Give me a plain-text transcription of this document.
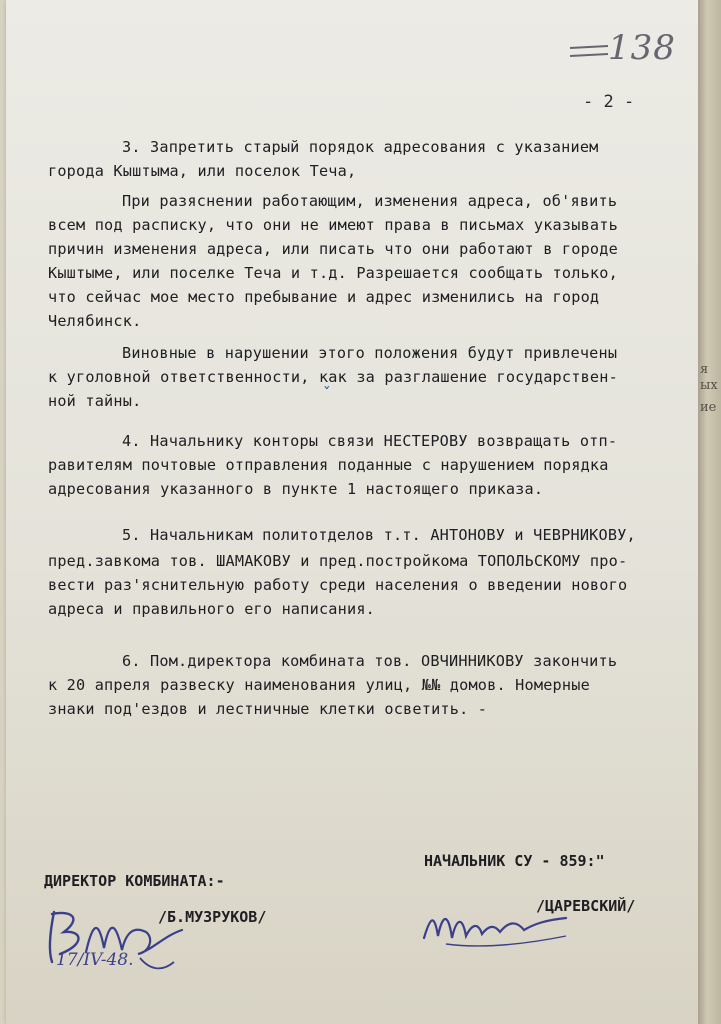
138
- 2 -
3. Запретить старый порядок адресования с указанием
города Кыштыма, или поселок Теча,
При разяснении работающим, изменения адреса, об'явить
всем под расписку, что они не имеют права в письмах указывать
причин изменения адреса, или писать что они работают в городе
Кыштыме, или поселке Теча и т.д. Разрешается сообщать только,
что сейчас мое место пребывание и адрес изменились на город
Челябинск.
Виновные в нарушении этого положения будут привлечены
к уголовной ответственности, как за разглашение государствен-
ной тайны.	ˇ
4. Начальнику конторы связи НЕСТЕРОВУ возвращать отп-
равителям почтовые отправления поданные с нарушением порядка
адресования указанного в пункте 1 настоящего приказа.
5. Начальникам политотделов т.т. АНТОНОВУ и ЧЕВРНИКОВУ,
пред.завкома тов. ШАМАКОВУ и пред.постройкома ТОПОЛЬСКОМУ про-
вести раз'яснительную работу среди населения о введении нового
адреса и правильного его написания.
6. Пом.директора комбината тов. ОВЧИННИКОВУ закончить
к 20 апреля развеску наименования улиц, №№ домов. Номерные
знаки под'ездов и лестничные клетки осветить. -
ДИРЕКТОР КОМБИНАТА:-
/Б.МУЗРУКОВ/
НАЧАЛЬНИК СУ - 859:"
/ЦАРЕВСКИЙ/
17/IV-48.
я
ых
ие
